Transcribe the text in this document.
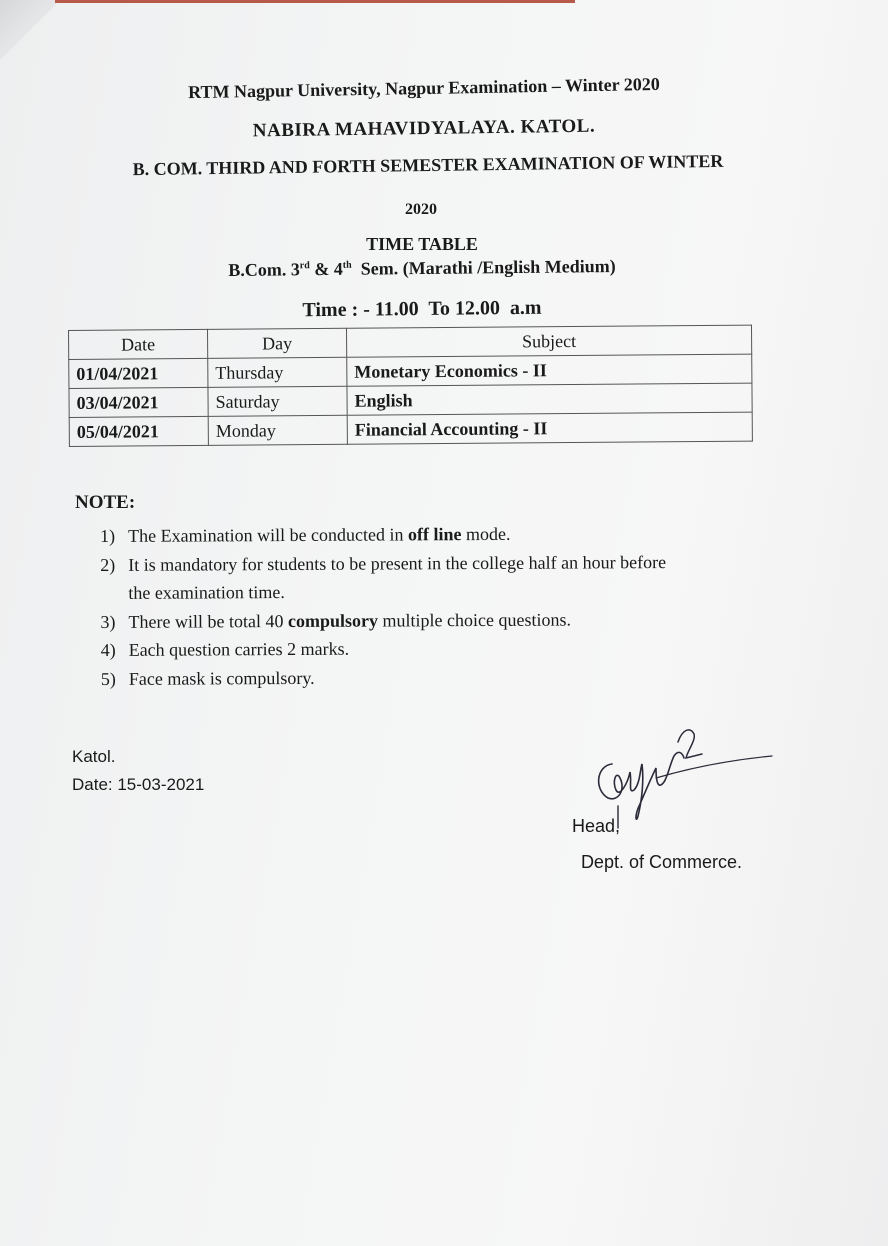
RTM Nagpur University, Nagpur Examination – Winter 2020
NABIRA MAHAVIDYALAYA. KATOL.
B. COM. THIRD AND FORTH SEMESTER EXAMINATION OF WINTER
2020
TIME TABLE
B.Com. 3rd & 4th  Sem. (Marathi /English Medium)
Time : - 11.00  To 12.00  a.m
Date	Day	Subject
01/04/2021	Thursday	Monetary Economics - II
03/04/2021	Saturday	English
05/04/2021	Monday	Financial Accounting - II
NOTE:
1) The Examination will be conducted in off line mode.
2) It is mandatory for students to be present in the college half an hour before
the examination time.
3) There will be total 40 compulsory multiple choice questions.
4) Each question carries 2 marks.
5) Face mask is compulsory.
Katol.
Date: 15-03-2021
Head,
Dept. of Commerce.
